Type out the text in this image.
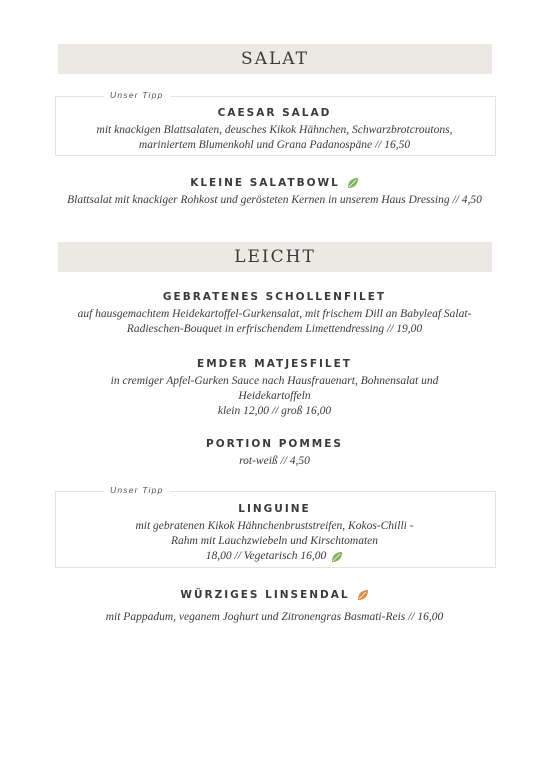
SALAT
Unser Tipp
CAESAR SALAD
mit knackigen Blattsalaten, deusches Kikok Hähnchen, Schwarzbrotcroutons, mariniertem Blumenkohl und Grana Padanospäne // 16,50
KLEINE SALATBOWL
Blattsalat mit knackiger Rohkost und gerösteten Kernen in unserem Haus Dressing // 4,50
LEICHT
GEBRATENES SCHOLLENFILET
auf hausgemachtem Heidekartoffel-Gurkensalat, mit frischem Dill an Babyleaf Salat-Radieschen-Bouquet in erfrischendem Limettendressing // 19,00
EMDER MATJESFILET
in cremiger Apfel-Gurken Sauce nach Hausfrauenart, Bohnensalat und Heidekartoffeln
klein 12,00 // groß 16,00
PORTION POMMES
rot-weiß // 4,50
Unser Tipp
LINGUINE
mit gebratenen Kikok Hähnchenbruststreifen, Kokos-Chilli -Rahm mit Lauchzwiebeln und Kirschtomaten
18,00 // Vegetarisch 16,00
WÜRZIGES LINSENDAL
mit Pappadum, veganem Joghurt und Zitronengras Basmati-Reis // 16,00
